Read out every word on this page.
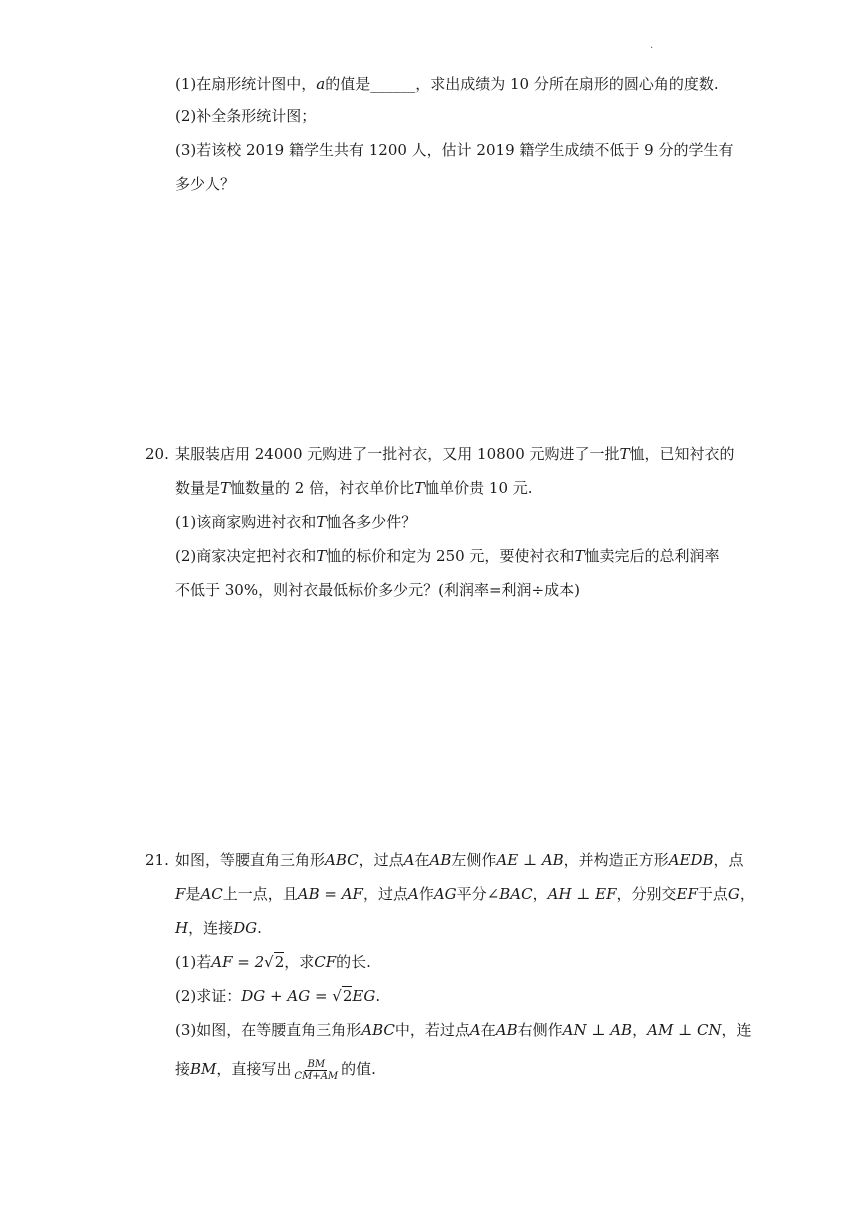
.
(1)在扇形统计图中，a的值是______，求出成绩为 10 分所在扇形的圆心角的度数.
(2)补全条形统计图；
(3)若该校 2019 籍学生共有 1200 人，估计 2019 籍学生成绩不低于 9 分的学生有
多少人？
20. 某服装店用 24000 元购进了一批衬衣，又用 10800 元购进了一批T恤，已知衬衣的
数量是T恤数量的 2 倍，衬衣单价比T恤单价贵 10 元.
(1)该商家购进衬衣和T恤各多少件？
(2)商家决定把衬衣和T恤的标价和定为 250 元，要使衬衣和T恤卖完后的总利润率
不低于 30%，则衬衣最低标价多少元？(利润率=利润÷成本)
21. 如图，等腰直角三角形ABC，过点A在AB左侧作AE ⊥ AB，并构造正方形AEDB，点
F是AC上一点，且AB = AF，过点A作AG平分∠BAC，AH ⊥ EF，分别交EF于点G，
H，连接DG.
(1)若AF = 2√2，求CF的长.
(2)求证：DG + AG = √2EG.
(3)如图，在等腰直角三角形ABC中，若过点A在AB右侧作AN ⊥ AB，AM ⊥ CN，连
接BM，直接写出 $\frac{BM}{CM+AM}$ 的值.
